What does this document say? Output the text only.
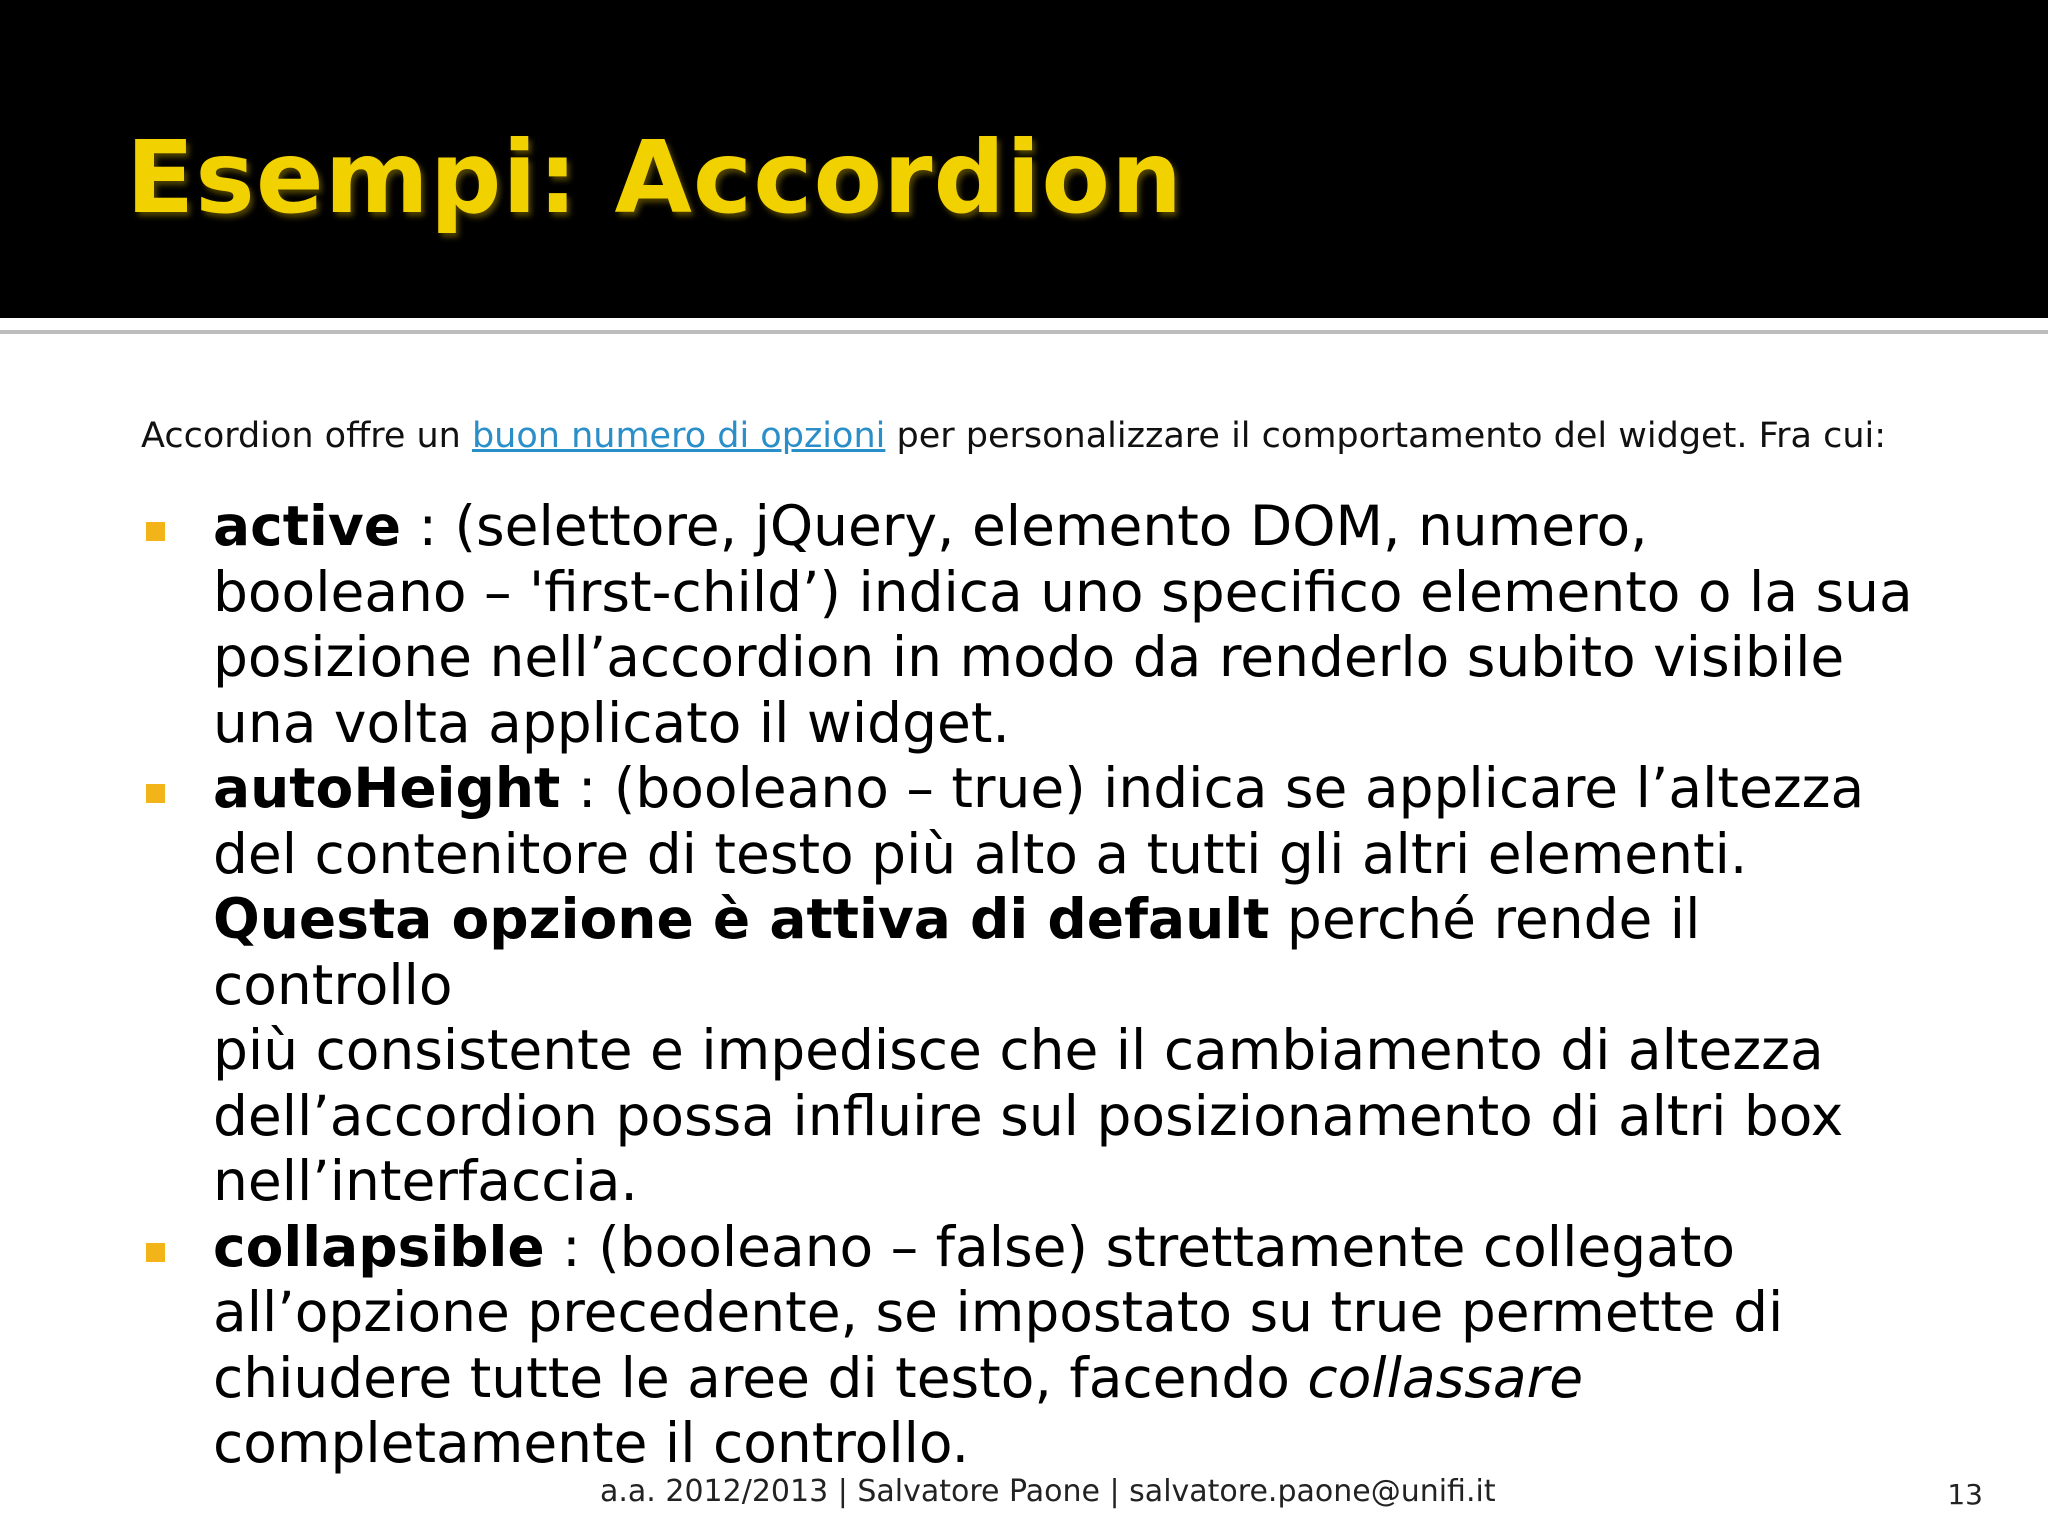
Esempi: Accordion

Accordion offre un buon numero di opzioni per personalizzare il comportamento del widget. Fra cui:

active : (selettore, jQuery, elemento DOM, numero,
booleano – 'first-child’) indica uno specifico elemento o la sua
posizione nell’accordion in modo da renderlo subito visibile
una volta applicato il widget.
autoHeight : (booleano – true) indica se applicare l’altezza
del contenitore di testo più alto a tutti gli altri elementi.
Questa opzione è attiva di default perché rende il controllo
più consistente e impedisce che il cambiamento di altezza
dell’accordion possa influire sul posizionamento di altri box
nell’interfaccia.
collapsible : (booleano – false) strettamente collegato
all’opzione precedente, se impostato su true permette di
chiudere tutte le aree di testo, facendo collassare
completamente il controllo.
a.a. 2012/2013 | Salvatore Paone | salvatore.paone@unifi.it	13
